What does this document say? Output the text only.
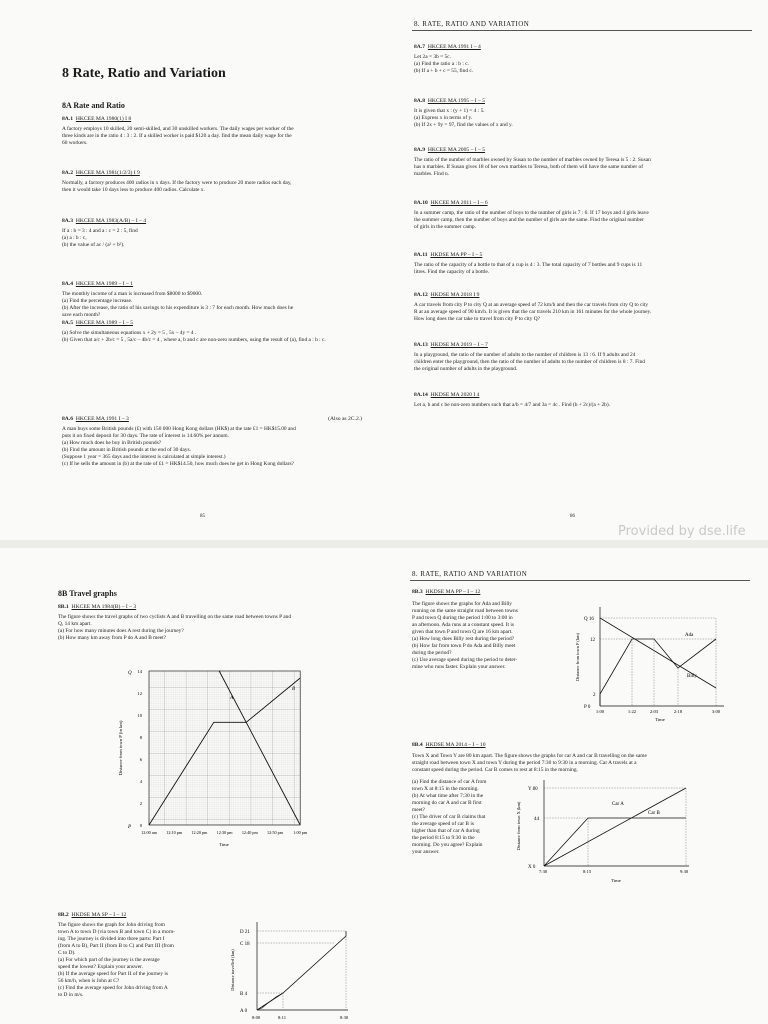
8 Rate, Ratio and Variation
8A Rate and Ratio
8A.1 HKCEE MA 1980(1) I 8
A factory employs 10 skilled, 20 semi-skilled, and 30 unskilled workers. The daily wages per worker of the
three kinds are in the ratio 4 : 3 : 2. If a skilled worker is paid $120 a day. find the mean daily wage for the
60 workers.
8A.2 HKCEE MA 1981(1/2/3) I 9
Normally, a factory produces 400 radios in x days. If the factory were to produce 20 more radios each day,
then it would take 10 days less to produce 400 radios. Calculate x.
8A.3 HKCEE MA 1983(A/B) – I – 4
If a : b = 3 : 4 and a : c = 2 : 5, find
(a) a : b : c,
(b) the value of ac / (a² + b²).
8A.4 HKCEE MA 1989 – I – 1
The monthly income of a man is increased from $8000 to $9000.
(a) Find the percentage increase.
(b) After the increase, the ratio of his savings to his expenditure is 3 : 7 for each month. How much does he
save each month?
8A.5 HKCEE MA 1989 – I – 5
(a) Solve the simultaneous equations x + 2y = 5 , 5x – 4y = 4 .
(b) Given that a/c + 2b/c = 5 , 5a/c – 4b/c = 4 , where a, b and c are non-zero numbers, using the result of (a), find a : b : c.
8A.6 HKCEE MA 1991 I – 3	(Also as 2C.2.)
A man buys some British pounds (£) with 150 000 Hong Kong dollars (HK$) at the rate £1 = HK$15.00 and
puts it on fixed deposit for 30 days. The rate of interest is 14.60% per annum.
(a) How much does he buy in British pounds?
(b) Find the amount in British pounds at the end of 30 days.
(Suppose 1 year = 365 days and the interest is calculated at simple interest.)
(c) If he sells the amount in (b) at the rate of £1 = HK$14.50, how much does he get in Hong Kong dollars?
85
8. RATE, RATIO AND VARIATION
8A.7 HKCEE MA 1991 I – 4
Let 2a = 3b = 5c.
(a) Find the ratio a : b : c.
(b) If a + b + c = 55, find c.
8A.8 HKCEE MA 1995 – I – 5
It is given that x : (y + 1) = 4 : 5.
(a) Express x in terms of y.
(b) If 2x + 9y = 97, find the values of x and y.
8A.9 HKCEE MA 2005 – I – 5
The ratio of the number of marbles owned by Susan to the number of marbles owned by Teresa is 5 : 2. Susan
has n marbles. If Susan gives 18 of her own marbles to Teresa, both of them will have the same number of
marbles. Find n.
8A.10 HKCEE MA 2011 – I – 6
In a summer camp, the ratio of the number of boys to the number of girls is 7 : 6. If 17 boys and 4 girls leave
the summer camp, then the number of boys and the number of girls are the same. Find the original number
of girls in the summer camp.
8A.11 HKDSE MA PP – I – 5
The ratio of the capacity of a bottle to that of a cup is 4 : 3. The total capacity of 7 bottles and 9 cups is 11
litres. Find the capacity of a bottle.
8A.12 HKDSE MA 2018 I 9
A car travels from city P to city Q at an average speed of 72 km/h and then the car travels from city Q to city
R at an average speed of 90 km/h. It is given that the car travels 210 km in 161 minutes for the whole journey.
How long does the car take to travel from city P to city Q?
8A.13 HKDSE MA 2019 – I – 7
In a playground, the ratio of the number of adults to the number of children is 13 : 6. If 9 adults and 24
children enter the playground, then the ratio of the number of adults to the number of children is 8 : 7. Find
the original number of adults in the playground.
8A.14 HKDSE MA 2020 I 4
Let a, b and c be non-zero numbers such that a/b = 4/7 and 3a = 4c . Find (b + 2c)/(a + 2b).
86
Provided by dse.life
8B Travel graphs
8B.1 HKCEE MA 1984(B) – I – 3
The figure shows the travel graphs of two cyclists A and B travelling on the same road between towns P and
Q, 14 km apart.
(a) For how many minutes does A rest during the journey?
(b) How many km away from P do A and B meet?
A
B
Q
P 0
2
4
6
8
10
12
14
12:00 am 12:10 pm 12:20 pm 12:30 pm 12:40 pm 12:50 pm 1:00 pm
Distance from town P (in km)
Time
8B.2 HKDSE MA SP – I – 12
The figure shows the graph for John driving from
town A to town D (via town B and town C) in a morn-
ing. The journey is divided into three parts: Part I
(from A to B), Part II (from B to C) and Part III (from
C to D).
(a) For which part of the journey is the average
speed the lowest? Explain your answer.
(b) If the average speed for Part II of the journey is
56 km/h, when is John at C?
(c) Find the average speed for John driving from A
to D in m/s.
D 21
C 18
B 4
A 0
8:00	8:11	8:30
Distance travelled (km)
8. RATE, RATIO AND VARIATION
8B.3 HKDSE MA PP – I – 12
The figure shows the graphs for Ada and Billy
running on the same straight road between towns
P and town Q during the period 1:00 to 3:00 in
an afternoon. Ada runs at a constant speed. It is
given that town P and town Q are 16 km apart.
(a) How long does Billy rest during the period?
(b) How far from town P do Ada and Billy meet
during the period?
(c) Use average speed during the period to deter-
mine who runs faster. Explain your answer.
Ada
Billy
Q 16
12
2
P 0
1:00	1:22	2:03	2:18	3:00
Time
Distance from town P (km)
8B.4 HKDSE MA 2014 – I – 10
Town X and Town Y are 80 km apart. The figure shows the graphs for car A and car B travelling on the same
straight road between town X and town Y during the period 7:30 to 9:30 in a morning. Car A travels at a
constant speed during the period. Car B comes to rest at 8:15 in the morning.
(a) Find the distance of car A from
town X at 8:15 in the morning.
(b) At what time after 7:30 in the
morning do car A and car B first
meet?
(c) The driver of car B claims that
the average speed of car B is
higher than that of car A during
the period 8:15 to 9:30 in the
morning. Do you agree? Explain
your answer.
Car A
Car B
Y 80
44
X 0
7:30	8:15	9:30
Time
Distance from town X (km)
